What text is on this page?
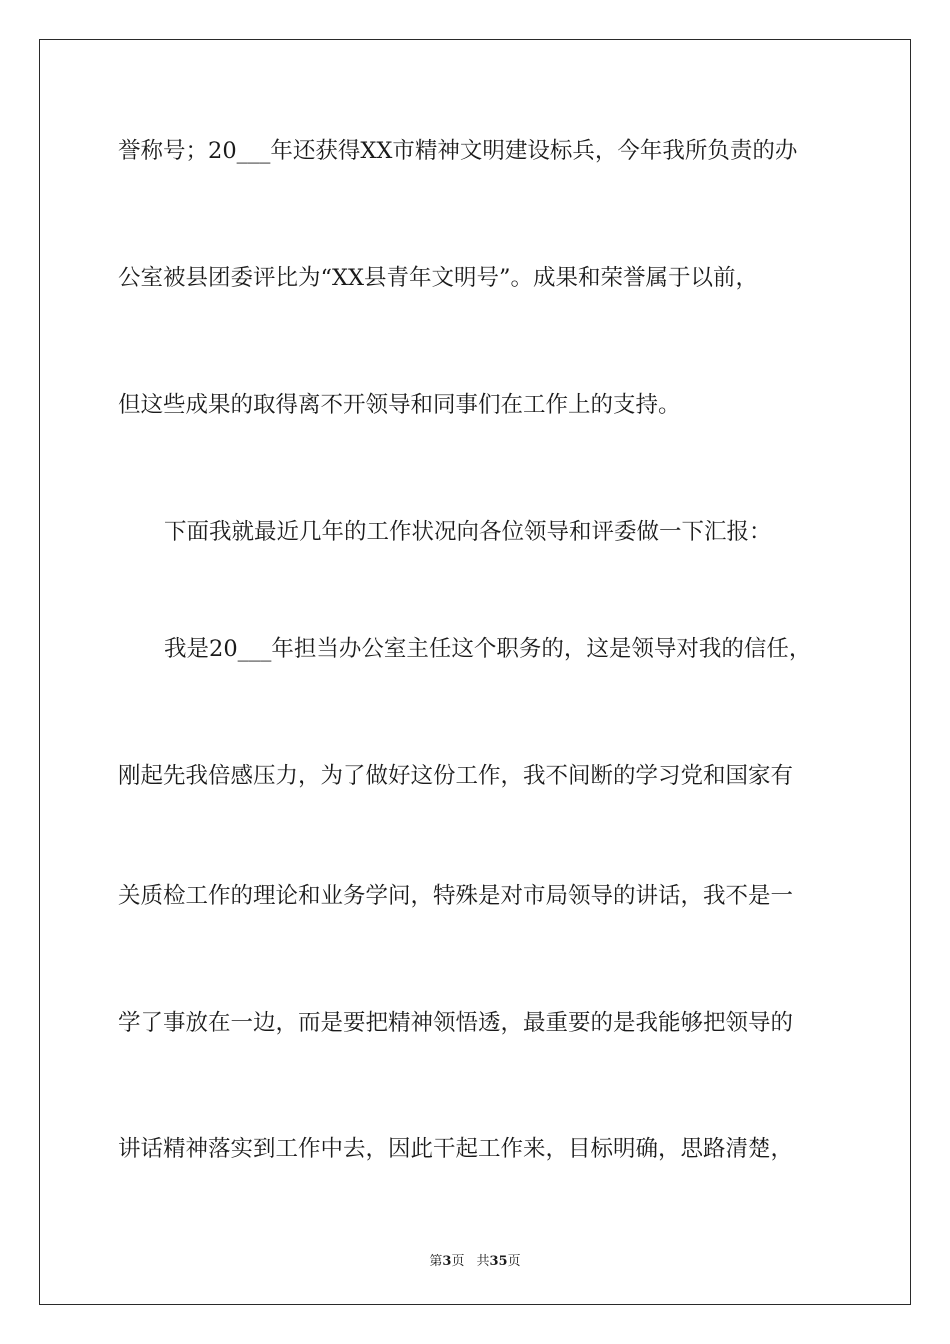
誉称号；20___年还获得XX市精神文明建设标兵，今年我所负责的办
公室被县团委评比为“XX县青年文明号”。成果和荣誉属于以前，
但这些成果的取得离不开领导和同事们在工作上的支持。
下面我就最近几年的工作状况向各位领导和评委做一下汇报：
我是20___年担当办公室主任这个职务的，这是领导对我的信任，
刚起先我倍感压力，为了做好这份工作，我不间断的学习党和国家有
关质检工作的理论和业务学问，特殊是对市局领导的讲话，我不是一
学了事放在一边，而是要把精神领悟透，最重要的是我能够把领导的
讲话精神落实到工作中去，因此干起工作来，目标明确，思路清楚，
第3页 共35页
